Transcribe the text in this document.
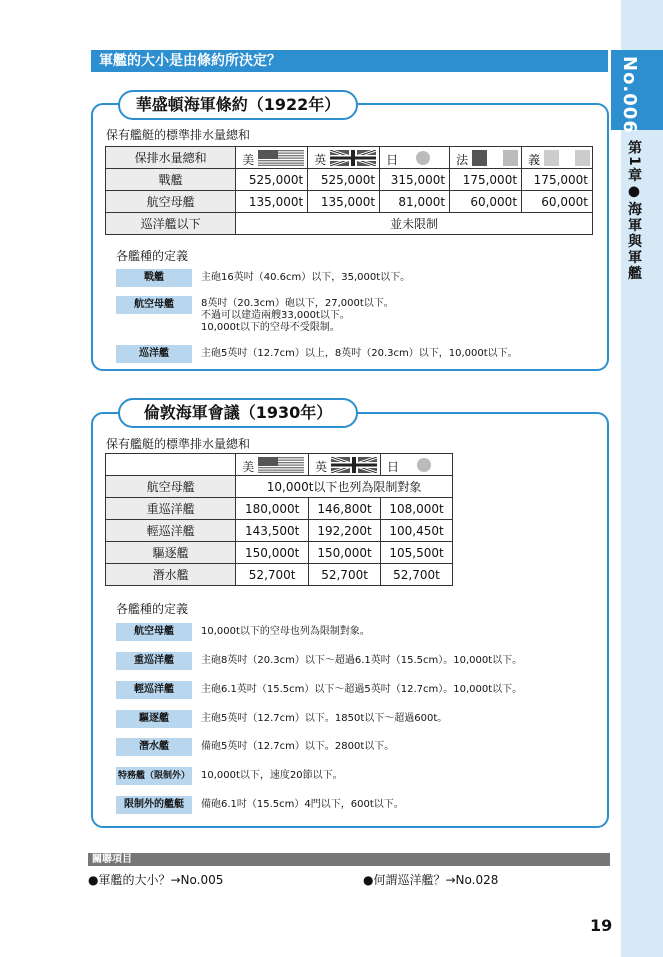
No.006
第1章●海軍與軍艦
軍艦的大小是由條約所決定？
華盛頓海軍條約（1922年）
保有艦艇的標準排水量總和
保排水量總和	美	英	日	法	義

戰艦	525,000t	525,000t	315,000t	175,000t	175,000t
航空母艦	135,000t	135,000t	81,000t	60,000t	60,000t
巡洋艦以下	並未限制				
各艦種的定義
戰艦	主砲16英吋（40.6cm）以下，35,000t以下。
航空母艦	8英吋（20.3cm）砲以下，27,000t以下。
不過可以建造兩艘33,000t以下。
10,000t以下的空母不受限制。
巡洋艦	主砲5英吋（12.7cm）以上，8英吋（20.3cm）以下，10,000t以下。
倫敦海軍會議（1930年）
保有艦艇的標準排水量總和

	美	英	日

航空母艦	10,000t以下也列為限制對象		
重巡洋艦	180,000t	146,800t	108,000t
輕巡洋艦	143,500t	192,200t	100,450t
驅逐艦	150,000t	150,000t	105,500t
潛水艦	52,700t	52,700t	52,700t
各艦種的定義
航空母艦	10,000t以下的空母也列為限制對象。
重巡洋艦	主砲8英吋（20.3cm）以下〜超過6.1英吋（15.5cm）。10,000t以下。
輕巡洋艦	主砲6.1英吋（15.5cm）以下〜超過5英吋（12.7cm）。10,000t以下。
驅逐艦	主砲5英吋（12.7cm）以下。1850t以下〜超過600t。
潛水艦	備砲5英吋（12.7cm）以下。2800t以下。
特務艦（限制外） 10,000t以下，速度20節以下。
限制外的艦艇	備砲6.1吋（15.5cm）4門以下，600t以下。
關聯項目
●軍艦的大小？→No.005	●何謂巡洋艦？→No.028
19
